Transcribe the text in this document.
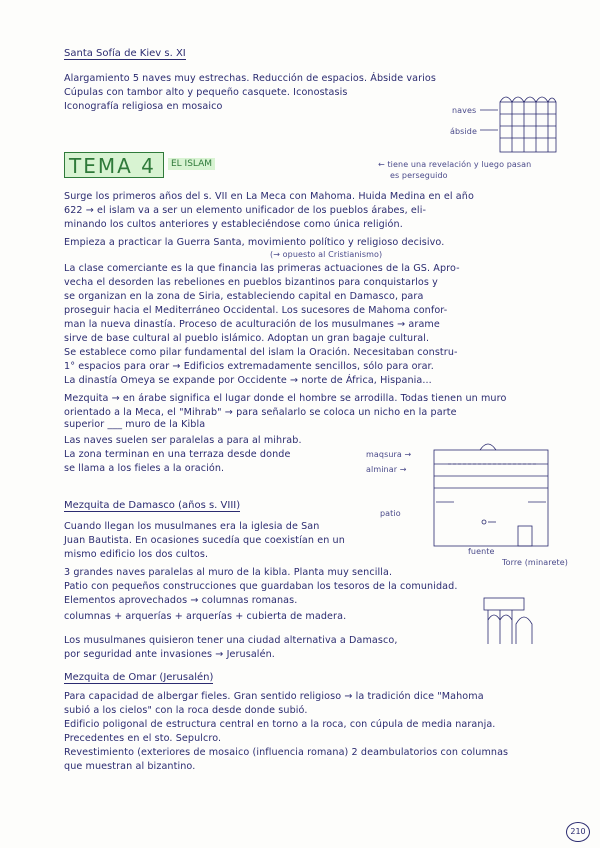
Santa Sofía de Kiev s. XI
Alargamiento 5 naves muy estrechas. Reducción de espacios. Ábside varios
Cúpulas con tambor alto y pequeño casquete. Iconostasis
Iconografía religiosa en mosaico	naves
ábside
TEMA 4	EL ISLAM	← tiene una revelación y luego pasan
es perseguido
Surge los primeros años del s. VII en La Meca con Mahoma. Huida Medina en el año
622 → el islam va a ser un elemento unificador de los pueblos árabes, eli-
minando los cultos anteriores y estableciéndose como única religión.
Empieza a practicar la Guerra Santa, movimiento político y religioso decisivo.
(→ opuesto al Cristianismo)
La clase comerciante es la que financia las primeras actuaciones de la GS. Apro-
vecha el desorden las rebeliones en pueblos bizantinos para conquistarlos y
se organizan en la zona de Siria, estableciendo capital en Damasco, para
proseguir hacia el Mediterráneo Occidental. Los sucesores de Mahoma confor-
man la nueva dinastía. Proceso de aculturación de los musulmanes → arame
sirve de base cultural al pueblo islámico. Adoptan un gran bagaje cultural.
Se establece como pilar fundamental del islam la Oración. Necesitaban constru-
1° espacios para orar → Edificios extremadamente sencillos, sólo para orar.
La dinastía Omeya se expande por Occidente → norte de África, Hispania...
Mezquita → en árabe significa el lugar donde el hombre se arrodilla. Todas tienen un muro
orientado a la Meca, el "Mihrab" → para señalarlo se coloca un nicho en la parte
superior ___ muro de la Kibla
Las naves suelen ser paralelas a para al mihrab.
La zona terminan en una terraza desde donde
se llama a los fieles a la oración.
maqsura →
alminar →
patio
fuente
Torre (minarete)
Mezquita de Damasco (años s. VIII)
Cuando llegan los musulmanes era la iglesia de San
Juan Bautista. En ocasiones sucedía que coexistían en un
mismo edificio los dos cultos.
3 grandes naves paralelas al muro de la kibla. Planta muy sencilla.
Patio con pequeños construcciones que guardaban los tesoros de la comunidad.
Elementos aprovechados → columnas romanas.
columnas + arquerías + arquerías + cubierta de madera.
Los musulmanes quisieron tener una ciudad alternativa a Damasco,
por seguridad ante invasiones → Jerusalén.
Mezquita de Omar (Jerusalén)
Para capacidad de albergar fieles. Gran sentido religioso → la tradición dice "Mahoma
subió a los cielos" con la roca desde donde subió.
Edificio poligonal de estructura central en torno a la roca, con cúpula de media naranja.
Precedentes en el sto. Sepulcro.
Revestimiento (exteriores de mosaico (influencia romana) 2 deambulatorios con columnas
que muestran al bizantino.
210
